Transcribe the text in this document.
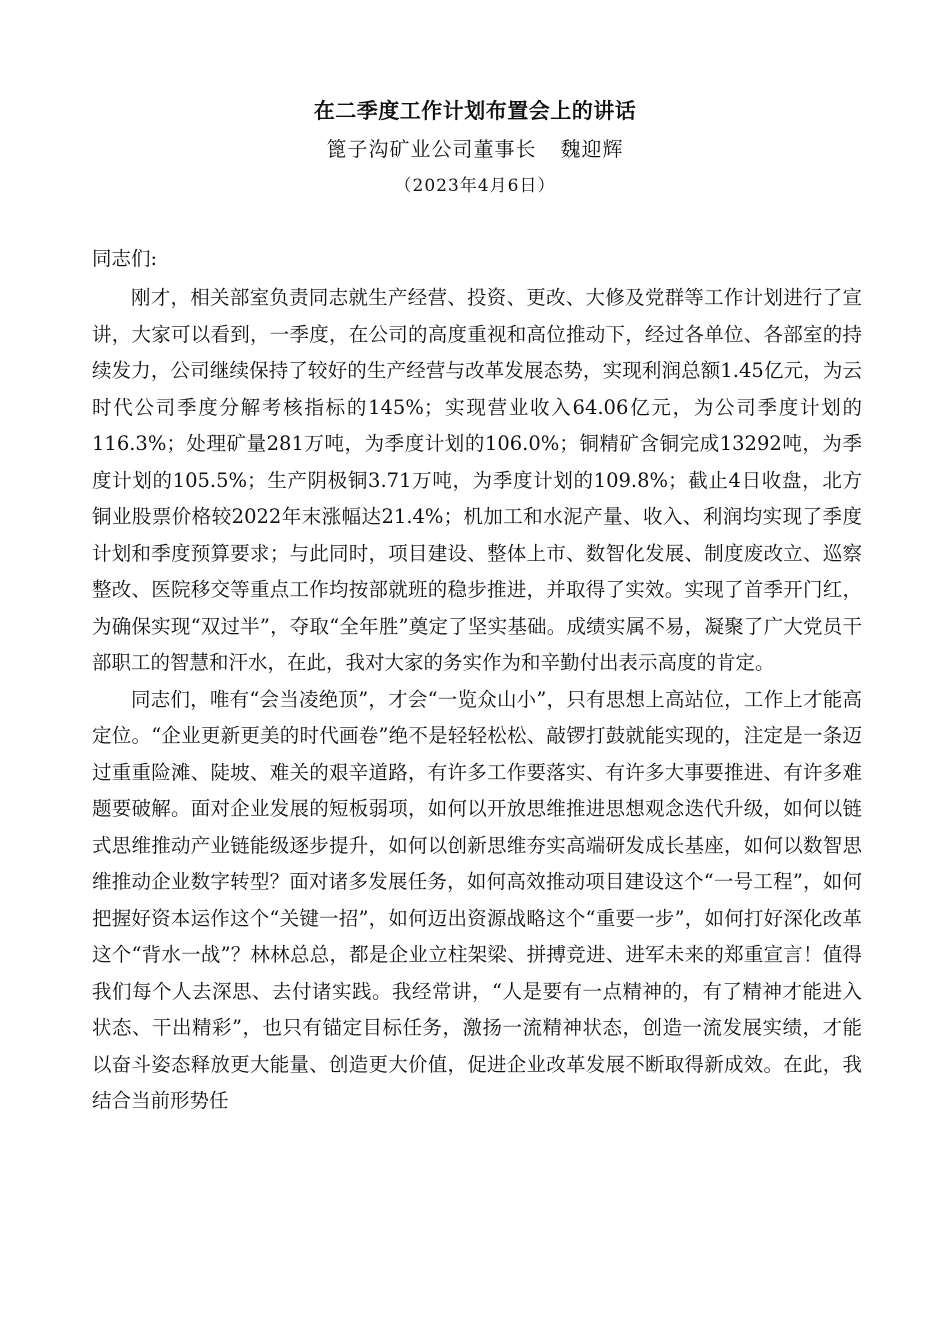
在二季度工作计划布置会上的讲话
篦子沟矿业公司董事长 魏迎辉
（2023年4月6日）
同志们:

刚才，相关部室负责同志就生产经营、投资、更改、大修及党群等工作计划进行了宣讲，大家可以看到，一季度，在公司的高度重视和高位推动下，经过各单位、各部室的持续发力，公司继续保持了较好的生产经营与改革发展态势，实现利润总额1.45亿元，为云时代公司季度分解考核指标的145%；实现营业收入64.06亿元，为公司季度计划的116.3%；处理矿量281万吨，为季度计划的106.0%；铜精矿含铜完成13292吨，为季度计划的105.5%；生产阴极铜3.71万吨，为季度计划的109.8%；截止4日收盘，北方铜业股票价格较2022年末涨幅达21.4%；机加工和水泥产量、收入、利润均实现了季度计划和季度预算要求；与此同时，项目建设、整体上市、数智化发展、制度废改立、巡察整改、医院移交等重点工作均按部就班的稳步推进，并取得了实效。实现了首季开门红，为确保实现“双过半”，夺取“全年胜”奠定了坚实基础。成绩实属不易，凝聚了广大党员干部职工的智慧和汗水，在此，我对大家的务实作为和辛勤付出表示高度的肯定。

同志们，唯有“会当凌绝顶”，才会“一览众山小”，只有思想上高站位，工作上才能高定位。“企业更新更美的时代画卷”绝不是轻轻松松、敲锣打鼓就能实现的，注定是一条迈过重重险滩、陡坡、难关的艰辛道路，有许多工作要落实、有许多大事要推进、有许多难题要破解。面对企业发展的短板弱项，如何以开放思维推进思想观念迭代升级，如何以链式思维推动产业链能级逐步提升，如何以创新思维夯实高端研发成长基座，如何以数智思维推动企业数字转型？面对诸多发展任务，如何高效推动项目建设这个“一号工程”，如何把握好资本运作这个“关键一招”，如何迈出资源战略这个“重要一步”，如何打好深化改革这个“背水一战”？林林总总，都是企业立柱架梁、拼搏竞进、进军未来的郑重宣言！值得我们每个人去深思、去付诸实践。我经常讲，“人是要有一点精神的，有了精神才能进入状态、干出精彩”，也只有锚定目标任务，激扬一流精神状态，创造一流发展实绩，才能以奋斗姿态释放更大能量、创造更大价值，促进企业改革发展不断取得新成效。在此，我结合当前形势任
